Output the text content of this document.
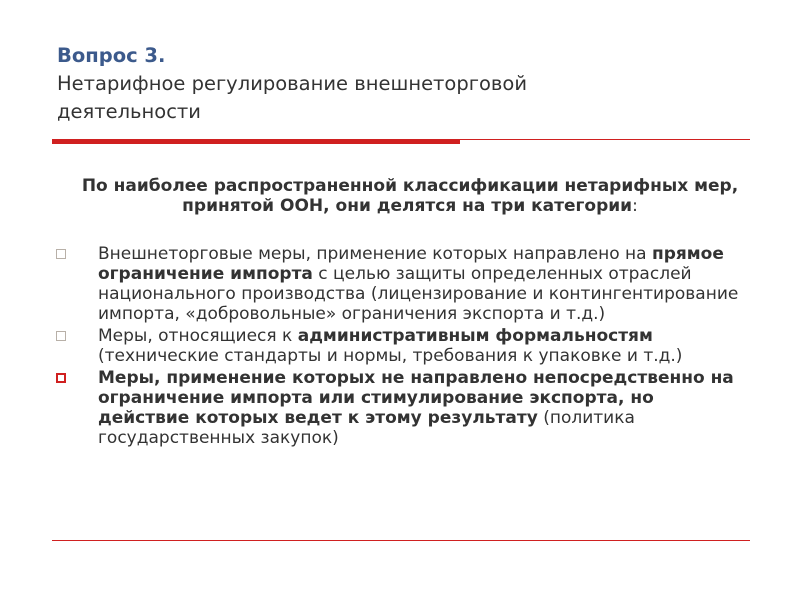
Вопрос 3.
Нетарифное регулирование внешнеторговой
деятельности
По наиболее распространенной классификации нетарифных мер, принятой ООН, они делятся на три категории:
Внешнеторговые меры, применение которых направлено на прямое ограничение импорта с целью защиты определенных отраслей национального производства (лицензирование и контингентирование импорта, «добровольные» ограничения экспорта и т.д.)
Меры, относящиеся к административным формальностям (технические стандарты и нормы, требования к упаковке и т.д.)
Меры, применение которых не направлено непосредственно на ограничение импорта или стимулирование экспорта, но действие которых ведет к этому результату (политика государственных закупок)
